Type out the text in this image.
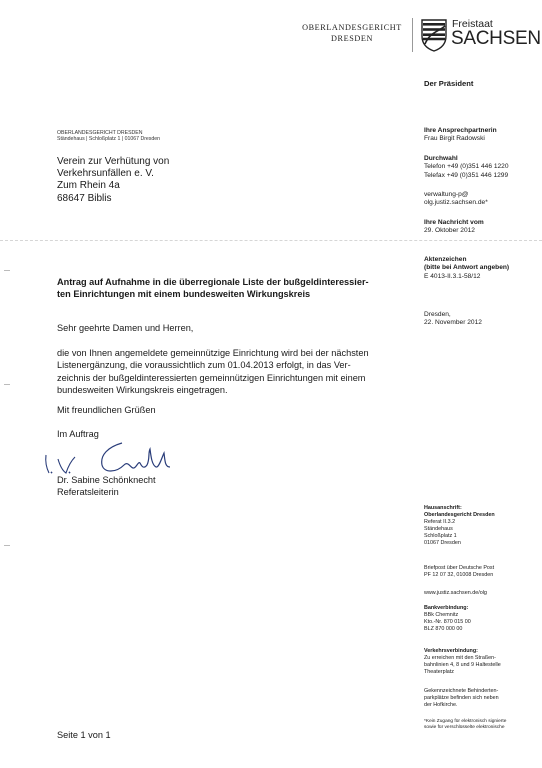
OBERLANDESGERICHT
DRESDEN
Freistaat
SACHSEN
Der Präsident
OBERLANDESGERICHT DRESDEN
Ständehaus | Schloßplatz 1 | 01067 Dresden
Verein zur Verhütung von
Verkehrsunfällen e. V.
Zum Rhein 4a
68647 Biblis
Ihre Ansprechpartnerin
Frau Birgit Radowski
Durchwahl
Telefon +49 (0)351 446 1220
Telefax +49 (0)351 446 1299
verwaltung-p@
olg.justiz.sachsen.de*
Ihre Nachricht vom
29. Oktober 2012
Aktenzeichen
(bitte bei Antwort angeben)
E 4013-II.3.1-58/12
Dresden,
22. November 2012
Antrag auf Aufnahme in die überregionale Liste der bußgeldinteressier-
ten Einrichtungen mit einem bundesweiten Wirkungskreis
Sehr geehrte Damen und Herren,
die von Ihnen angemeldete gemeinnützige Einrichtung wird bei der nächsten
Listenergänzung, die voraussichtlich zum 01.04.2013 erfolgt, in das Ver-
zeichnis der bußgeldinteressierten gemeinnützigen Einrichtungen mit einem
bundesweiten Wirkungskreis eingetragen.
Mit freundlichen Grüßen
Im Auftrag
Dr. Sabine Schönknecht
Referatsleiterin
Hausanschrift:
Oberlandesgericht Dresden
Referat II.3.2
Ständehaus
Schloßplatz 1
01067 Dresden
Briefpost über Deutsche Post
PF 12 07 32, 01008 Dresden
www.justiz.sachsen.de/olg
Bankverbindung:
BBk Chemnitz
Kto.-Nr. 870 015 00
BLZ 870 000 00
Verkehrsverbindung:
Zu erreichen mit den Straßen-
bahnlinien 4, 8 und 9 Haltestelle
Theaterplatz
Gekennzeichnete Behinderten-
parkplätze befinden sich neben
der Hofkirche.
*Kein Zugang für elektronisch signierte
sowie für verschlüsselte elektronische
Seite 1 von 1
